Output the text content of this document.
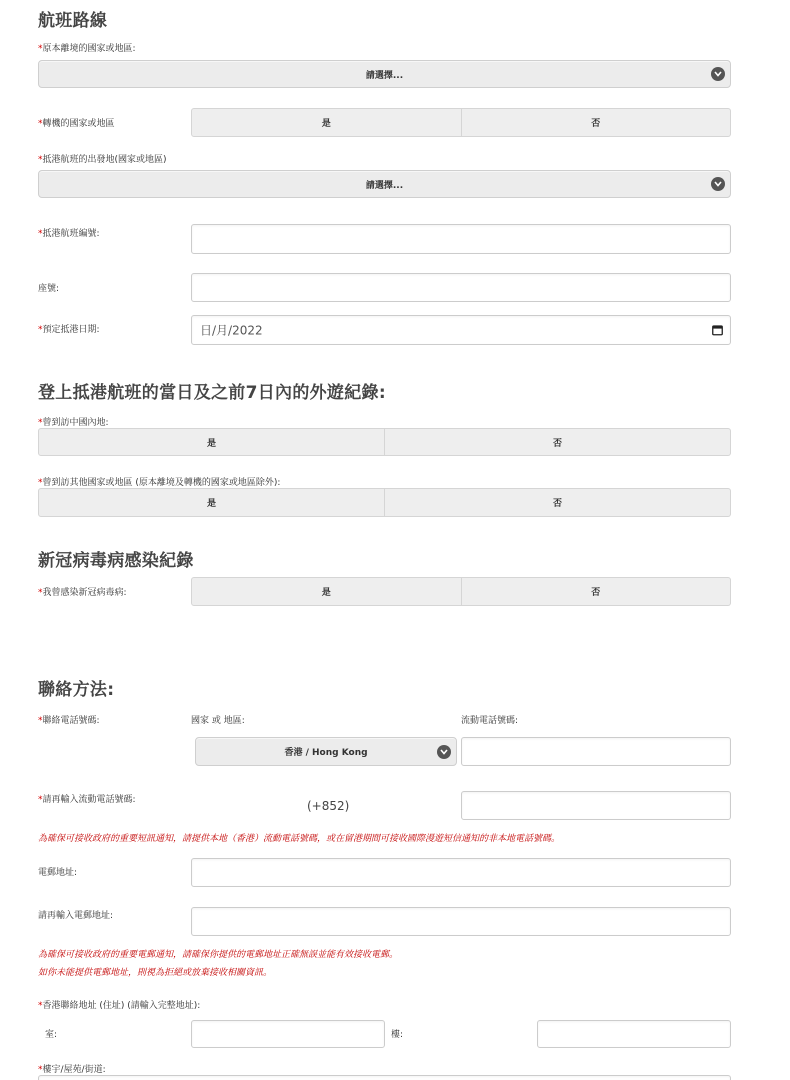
航班路線
*原本離境的國家或地區:
請選擇...
*轉機的國家或地區	是	否
*抵港航班的出發地(國家或地區)
請選擇...
*抵港航班編號:
座號:
*預定抵港日期:	日/月/2022
登上抵港航班的當日及之前7日內的外遊紀錄:
*曾到訪中國內地:
是	否
*曾到訪其他國家或地區 (原本離境及轉機的國家或地區除外):
是	否
新冠病毒病感染紀錄
*我曾感染新冠病毒病:	是	否
聯絡方法:
*聯絡電話號碼:	國家 或 地區:	流動電話號碼:
香港 / Hong Kong
*請再輸入流動電話號碼:	(+852)
為確保可接收政府的重要短訊通知，請提供本地（香港）流動電話號碼，或在留港期間可接收國際漫遊短信通知的非本地電話號碼。
電郵地址:
請再輸入電郵地址:
為確保可接收政府的重要電郵通知，請確保你提供的電郵地址正確無誤並能有效接收電郵。
如你未能提供電郵地址，則視為拒絕或放棄接收相關資訊。
*香港聯絡地址 (住址) (請輸入完整地址):
室:	樓:
*樓宇/屋苑/街道:
